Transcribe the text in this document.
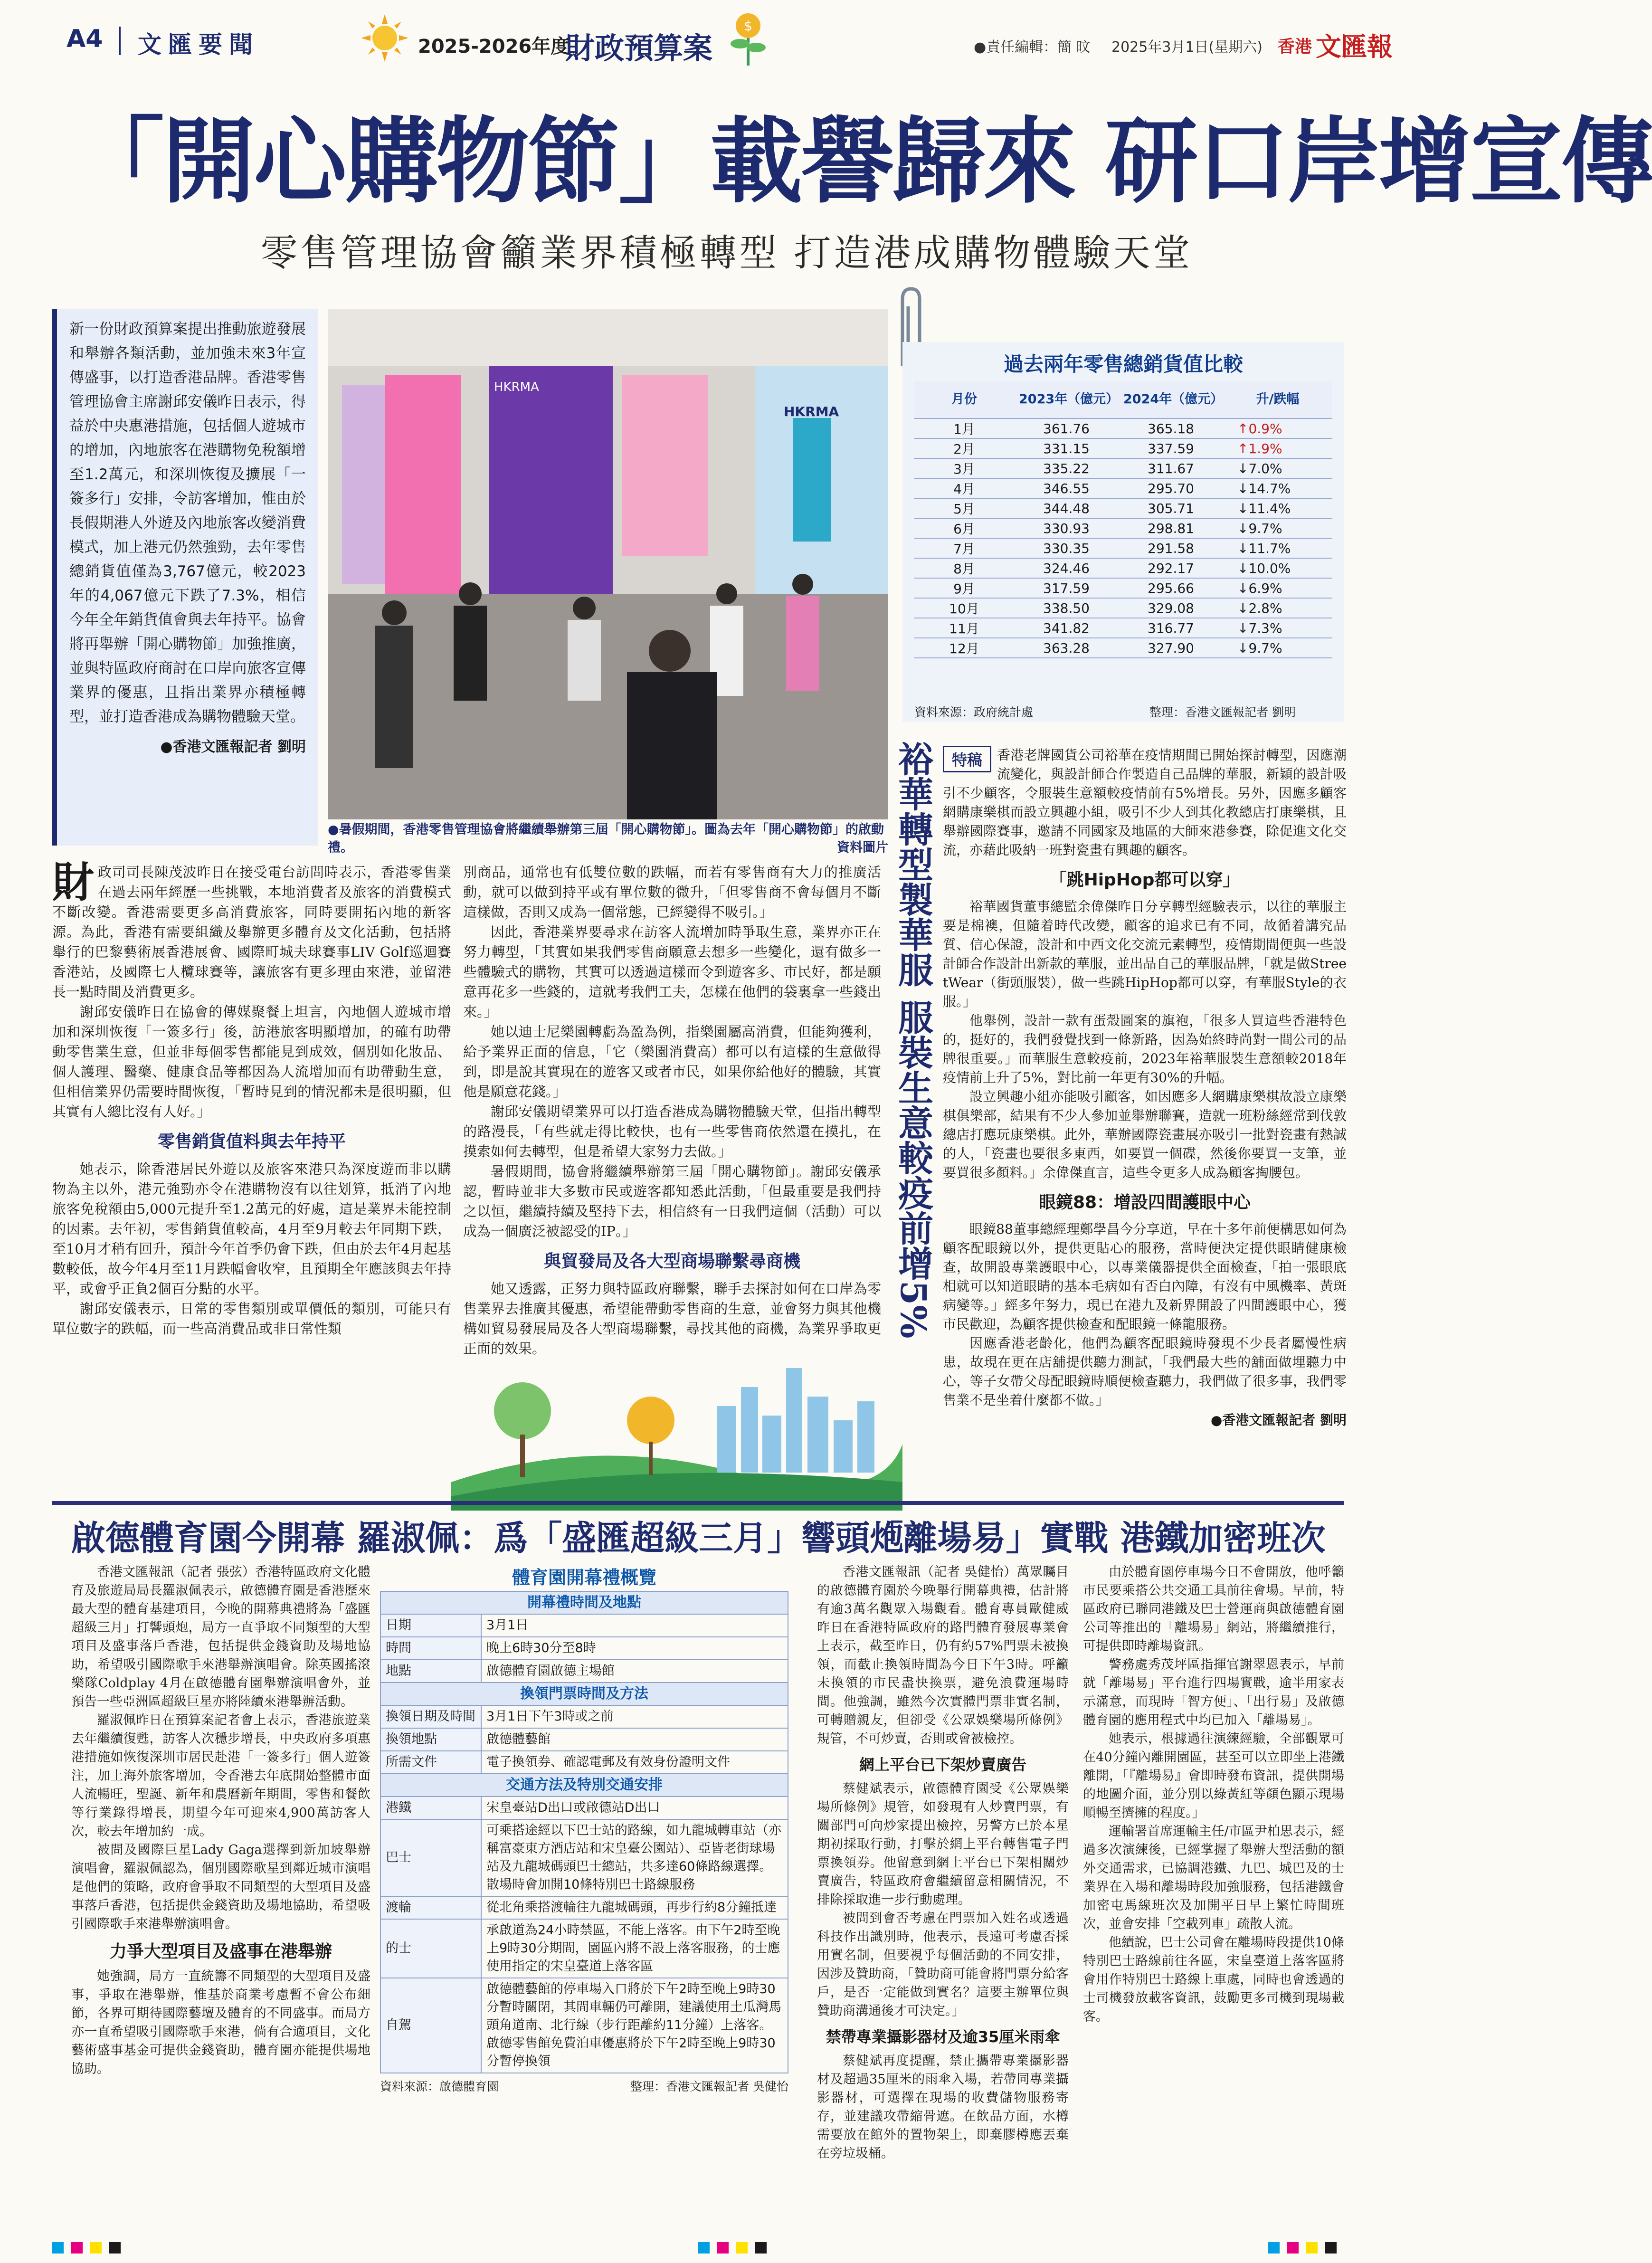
A4 文匯要聞	2025-2026年度
財政預算案
$
●責任編輯：簡 旼 2025年3月1日(星期六) 香港 文匯報
「開心購物節」載譽歸來 研口岸增宣傳
零售管理協會籲業界積極轉型 打造港成購物體驗天堂

新一份財政預算案提出推動旅遊發展和舉辦各類活動，並加強未來3年宣傳盛事，以打造香港品牌。香港零售管理協會主席謝邱安儀昨日表示，得益於中央惠港措施，包括個人遊城市的增加，內地旅客在港購物免稅額增至1.2萬元，和深圳恢復及擴展「一簽多行」安排，令訪客增加，惟由於長假期港人外遊及內地旅客改變消費模式，加上港元仍然強勁，去年零售總銷貨值僅為3,767億元，較2023年的4,067億元下跌了7.3%，相信今年全年銷貨值會與去年持平。協會將再舉辦「開心購物節」加強推廣，並與特區政府商討在口岸向旅客宣傳業界的優惠，且指出業界亦積極轉型，並打造香港成為購物體驗天堂。

●香港文匯報記者 劉明
HKRMA
HKRMA
●暑假期間，香港零售管理協會將繼續舉辦第三屆「開心購物節」。圖為去年「開心購物節」的啟動禮。	資料圖片
過去兩年零售總銷貨值比較
月份	2023年（億元）	2024年（億元）	升/跌幅
1月	361.76	365.18	↑0.9%
2月	331.15	337.59	↑1.9%
3月	335.22	311.67	↓7.0%
4月	346.55	295.70	↓14.7%
5月	344.48	305.71	↓11.4%
6月	330.93	298.81	↓9.7%
7月	330.35	291.58	↓11.7%
8月	324.46	292.17	↓10.0%
9月	317.59	295.66	↓6.9%
10月	338.50	329.08	↓2.8%
11月	341.82	316.77	↓7.3%
12月	363.28	327.90	↓9.7%
資料來源：政府統計處	整理：香港文匯報記者 劉明

財政司司長陳茂波昨日在接受電台訪問時表示，香港零售業在過去兩年經歷一些挑戰，本地消費者及旅客的消費模式不斷改變。香港需要更多高消費旅客，同時要開拓內地的新客源。為此，香港有需要組織及舉辦更多體育及文化活動，包括將舉行的巴黎藝術展香港展會、國際町城夫球賽事LIV Golf巡迴賽香港站，及國際七人欖球賽等，讓旅客有更多理由來港，並留港長一點時間及消費更多。

謝邱安儀昨日在協會的傳媒聚餐上坦言，內地個人遊城市增加和深圳恢復「一簽多行」後，訪港旅客明顯增加，的確有助帶動零售業生意，但並非每個零售都能見到成效，個別如化妝品、個人護理、醫藥、健康食品等都因為人流增加而有助帶動生意，但相信業界仍需要時間恢復，「暫時見到的情況都未是很明顯，但其實有人總比沒有人好。」

零售銷貨值料與去年持平

她表示，除香港居民外遊以及旅客來港只為深度遊而非以購物為主以外，港元強勁亦令在港購物沒有以往划算，抵消了內地旅客免稅額由5,000元提升至1.2萬元的好處，這是業界未能控制的因素。去年初，零售銷貨值較高，4月至9月較去年同期下跌，至10月才稍有回升，預計今年首季仍會下跌，但由於去年4月起基數較低，故今年4月至11月跌幅會收窄，且預期全年應該與去年持平，或會乎正負2個百分點的水平。

謝邱安儀表示，日常的零售類別或單價低的類別，可能只有單位數字的跌幅，而一些高消費品或非日常性類

別商品，通常也有低雙位數的跌幅，而若有零售商有大力的推廣活動，就可以做到持平或有單位數的微升，「但零售商不會每個月不斷這樣做，否則又成為一個常態，已經變得不吸引。」

因此，香港業界要尋求在訪客人流增加時爭取生意，業界亦正在努力轉型，「其實如果我們零售商願意去想多一些變化，還有做多一些體驗式的購物，其實可以透過這樣而令到遊客多、市民好，都是願意再花多一些錢的，這就考我們工夫，怎樣在他們的袋裏拿一些錢出來。」

她以迪士尼樂園轉虧為盈為例，指樂園屬高消費，但能夠獲利，給予業界正面的信息，「它（樂園消費高）都可以有這樣的生意做得到，即是說其實現在的遊客又或者市民，如果你給他好的體驗，其實他是願意花錢。」

謝邱安儀期望業界可以打造香港成為購物體驗天堂，但指出轉型的路漫長，「有些就走得比較快，也有一些零售商依然還在摸扎，在摸索如何去轉型，但是希望大家努力去做。」

暑假期間，協會將繼續舉辦第三屆「開心購物節」。謝邱安儀承認，暫時並非大多數市民或遊客都知悉此活動，「但最重要是我們持之以恒，繼續持續及堅持下去，相信終有一日我們這個（活動）可以成為一個廣泛被認受的IP。」

與貿發局及各大型商場聯繫尋商機

她又透露，正努力與特區政府聯繫，聯手去探討如何在口岸為零售業界去推廣其優惠，希望能帶動零售商的生意，並會努力與其他機構如貿易發展局及各大型商場聯繫，尋找其他的商機，為業界爭取更正面的效果。

裕華轉型製華服 服裝生意較疫前增5%	特稿	香港老牌國貨公司裕華在疫情期間已開始探討轉型，因應潮流變化，與設計師合作製造自己品牌的華服，新穎的設計吸引不少顧客，令服裝生意額較疫情前有5%增長。另外，因應多顧客網購康樂棋而設立興趣小組，吸引不少人到其化教總店打康樂棋，且舉辦國際賽事，邀請不同國家及地區的大師來港參賽，除促進文化交流，亦藉此吸納一班對瓷畫有興趣的顧客。

「跳HipHop都可以穿」

裕華國貨董事總監余偉傑昨日分享轉型經驗表示，以往的華服主要是棉襖，但隨着時代改變，顧客的追求已有不同，故循着講究品質、信心保證，設計和中西文化交流元素轉型，疫情期間便與一些設計師合作設計出新款的華服，並出品自己的華服品牌，「就是做StreetWear（街頭服裝），做一些跳HipHop都可以穿，有華服Style的衣服。」

他舉例，設計一款有蛋殼圖案的旗袍，「很多人買這些香港特色的，挺好的，我們發覺找到一條新路，因為始終時尚對一間公司的品牌很重要。」而華服生意較疫前，2023年裕華服裝生意額較2018年疫情前上升了5%，對比前一年更有30%的升幅。

設立興趣小組亦能吸引顧客，如因應多人網購康樂棋故設立康樂棋俱樂部，結果有不少人參加並舉辦聯賽，造就一班粉絲經常到伐敦總店打應玩康樂棋。此外，華辦國際瓷畫展亦吸引一批對瓷畫有熱誠的人，「瓷畫也要很多東西，如要買一個碟，然後你要買一支筆，並要買很多顏料。」余偉傑直言，這些令更多人成為顧客掏腰包。

眼鏡88：增設四間護眼中心

眼鏡88董事總經理鄭學昌今分享道，早在十多年前便構思如何為顧客配眼鏡以外，提供更貼心的服務，當時便決定提供眼睛健康檢查，故開設專業護眼中心，以專業儀器提供全面檢查，「拍一張眼底相就可以知道眼睛的基本毛病如有否白內障，有沒有中風機率、黃斑病變等。」經多年努力，現已在港九及新界開設了四間護眼中心，獲市民歡迎，為顧客提供檢查和配眼鏡一條龍服務。

因應香港老齡化，他們為顧客配眼鏡時發現不少長者屬慢性病患，故現在更在店舖提供聽力測試，「我們最大些的舖面做埋聽力中心，等子女帶父母配眼鏡時順便檢查聽力，我們做了很多事，我們零售業不是坐着什麼都不做。」

●香港文匯報記者 劉明
啟德體育園今開幕 羅淑佩：爲「盛匯超級三月」響頭炮

香港文匯報訊（記者 張弦）香港特區政府文化體育及旅遊局局長羅淑佩表示，啟德體育園是香港歷來最大型的體育基建項目，今晚的開幕典禮將為「盛匯超級三月」打響頭炮，局方一直爭取不同類型的大型項目及盛事落戶香港，包括提供金錢資助及場地協助，希望吸引國際歌手來港舉辦演唱會。除英國搖滾樂隊Coldplay 4月在啟德體育園舉辦演唱會外，並預告一些亞洲區超級巨星亦將陸續來港舉辦活動。

羅淑佩昨日在預算案記者會上表示，香港旅遊業去年繼續復甦，訪客人次穩步增長，中央政府多項惠港措施如恢復深圳市居民赴港「一簽多行」個人遊簽注，加上海外旅客增加，令香港去年底開始整體市面人流暢旺，聖誕、新年和農曆新年期間，零售和餐飲等行業錄得增長，期望今年可迎來4,900萬訪客人次，較去年增加約一成。

被問及國際巨星Lady Gaga選擇到新加坡舉辦演唱會，羅淑佩認為，個別國際歌星到鄰近城市演唱是他們的策略，政府會爭取不同類型的大型項目及盛事落戶香港，包括提供金錢資助及場地協助，希望吸引國際歌手來港舉辦演唱會。

力爭大型項目及盛事在港舉辦

她強調，局方一直統籌不同類型的大型項目及盛事，爭取在港舉辦，惟基於商業考慮暫不會公布細節，各界可期待國際藝壇及體育的不同盛事。而局方亦一直希望吸引國際歌手來港，倘有合適項目，文化藝術盛事基金可提供金錢資助，體育園亦能提供場地協助。

體育園開幕禮概覽
開幕禮時間及地點	
日期	3月1日
時間	晚上6時30分至8時
地點	啟德體育園啟德主場館
換領門票時間及方法	
換領日期及時間	3月1日下午3時或之前
換領地點	啟德體藝館
所需文件	電子換領券、確認電郵及有效身份證明文件
交通方法及特別交通安排	
港鐵	宋皇臺站D出口或啟德站D出口
巴士	可乘搭途經以下巴士站的路線，如九龍城轉車站（亦稱富豪東方酒店站和宋皇臺公園站）、亞皆老街球場站及九龍城碼頭巴士總站，共多達60條路線選擇。散場時會加開10條特別巴士路線服務
渡輪	從北角乘搭渡輪往九龍城碼頭，再步行約8分鐘抵達
的士	承啟道為24小時禁區，不能上落客。由下午2時至晚上9時30分期間，園區內將不設上落客服務，的士應使用指定的宋皇臺道上落客區
自駕	啟德體藝館的停車場入口將於下午2時至晚上9時30分暫時關閉，其間車輛仍可離開，建議使用土瓜灣馬頭角道南、北行線（步行距離約11分鐘）上落客。啟德零售館免費泊車優惠將於下午2時至晚上9時30分暫停換領
資料來源：啟德體育園	整理：香港文匯報記者 吳健怡
「離場易」實戰 港鐵加密班次

香港文匯報訊（記者 吳健怡）萬眾矚目的啟德體育園於今晚舉行開幕典禮，估計將有逾3萬名觀眾入場觀看。體育專員歐健威昨日在香港特區政府的路門體育發展專業會上表示，截至昨日，仍有約57%門票未被換領，而截止換領時間為今日下午3時。呼籲未換領的市民盡快換票，避免浪費運場時間。他強調，雖然今次實體門票非實名制，可轉贈親友，但卻受《公眾娛樂場所條例》規管，不可炒賣，否則或會被檢控。

網上平台已下架炒賣廣告

蔡健斌表示，啟德體育園受《公眾娛樂場所條例》規管，如發現有人炒賣門票，有關部門可向炒家提出檢控，另警方已於本星期初採取行動，打擊於網上平台轉售電子門票換領券。他留意到網上平台已下架相關炒賣廣告，特區政府會繼續留意相關情況，不排除採取進一步行動處理。

被問到會否考慮在門票加入姓名或透過科技作出識別時，他表示，長遠可考慮否採用實名制，但要視乎每個活動的不同安排，因涉及贊助商，「贊助商可能會將門票分給客戶，是否一定能做到實名？這要主辦單位與贊助商溝通後才可決定。」

禁帶專業攝影器材及逾35厘米雨傘

蔡健斌再度提醒，禁止攜帶專業攝影器材及超過35厘米的雨傘入場，若帶同專業攝影器材，可選擇在現場的收費儲物服務寄存，並建議攻帶縮骨遮。在飲品方面，水樽需要放在館外的置物架上，即棄膠樽應丟棄在旁垃圾桶。

由於體育園停車場今日不會開放，他呼籲市民要乘搭公共交通工具前往會場。早前，特區政府已聯同港鐵及巴士營運商與啟德體育園公司等推出的「離場易」網站，將繼續推行，可提供即時離場資訊。

警務處秀茂坪區指揮官謝翠恩表示，早前就「離場易」平台進行四場實戰，逾半用家表示滿意，而現時「智方便」、「出行易」及啟德體育園的應用程式中均已加入「離場易」。

她表示，根據過往演練經驗，全部觀眾可在40分鐘內離開園區，甚至可以立即坐上港鐵離開，「『離場易』會即時發布資訊，提供開場的地圖介面，並分別以綠黃紅等顏色顯示現場順暢至擠擁的程度。」

運輸署首席運輸主任/市區尹柏思表示，經過多次演練後，已經掌握了舉辦大型活動的額外交通需求，已協調港鐵、九巴、城巴及的士業界在入場和離場時段加強服務，包括港鐵會加密屯馬線班次及加開平日早上繁忙時間班次，並會安排「空載列車」疏散人流。

他續說，巴士公司會在離場時段提供10條特別巴士路線前往各區，宋皇臺道上落客區將會用作特別巴士路線上車處，同時也會透過的士司機發放載客資訊，鼓勵更多司機到現場載客。
